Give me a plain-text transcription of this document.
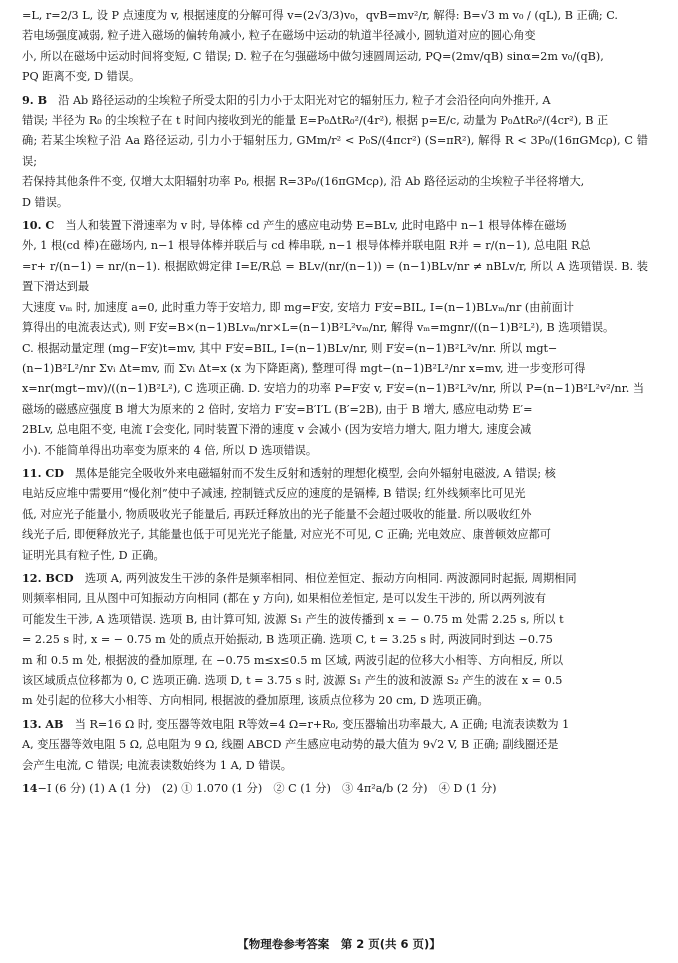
=L, r=2/3 L, 设 P 点速度为 v, 根据速度的分解可得 v=(2√3/3)v₀，qvB=mv²/r, 解得: B=√3 m v₀ / (qL), B 正确; C.

若电场强度减弱, 粒子进入磁场的偏转角减小, 粒子在磁场中运动的轨道半径减小, 圆轨道对应的圆心角变

小, 所以在磁场中运动时间将变短, C 错误; D. 粒子在匀强磁场中做匀速圆周运动, PQ=(2mv/qB) sinα=2m v₀/(qB),

PQ 距离不变, D 错误。

9. B　 沿 Ab 路径运动的尘埃粒子所受太阳的引力小于太阳光对它的辐射压力, 粒子才会沿径向向外推开, A

错误; 半径为 R₀ 的尘埃粒子在 t 时间内接收到光的能量 E=P₀ΔtR₀²/(4r²), 根据 p=E/c, 动量为 P₀ΔtR₀²/(4cr²), B 正

确; 若某尘埃粒子沿 Aa 路径运动, 引力小于辐射压力, GMm/r² < P₀S/(4πcr²) (S=πR²), 解得 R < 3P₀/(16πGMcρ), C 错误;

若保持其他条件不变, 仅增大太阳辐射功率 P₀, 根据 R=3P₀/(16πGMcρ), 沿 Ab 路径运动的尘埃粒子半径将增大,

D 错误。

10. C　 当人和装置下滑速率为 v 时, 导体棒 cd 产生的感应电动势 E=BLv, 此时电路中 n−1 根导体棒在磁场

外, 1 根(cd 棒)在磁场内, n−1 根导体棒并联后与 cd 棒串联, n−1 根导体棒并联电阻 R并 = r/(n−1), 总电阻 R总

=r+ r/(n−1) = nr/(n−1). 根据欧姆定律 I=E/R总 = BLv/(nr/(n−1)) = (n−1)BLv/nr ≠ nBLv/r, 所以 A 选项错误. B. 装置下滑达到最

大速度 vₘ 时, 加速度 a=0, 此时重力等于安培力, 即 mg=F安, 安培力 F安=BIL, I=(n−1)BLvₘ/nr (由前面计

算得出的电流表达式), 则 F安=B×(n−1)BLvₘ/nr×L=(n−1)B²L²vₘ/nr, 解得 vₘ=mgnr/((n−1)B²L²), B 选项错误。

C. 根据动量定理 (mg−F安)t=mv, 其中 F安=BIL, I=(n−1)BLv/nr, 则 F安=(n−1)B²L²v/nr. 所以 mgt−

(n−1)B²L²/nr Σvᵢ Δt=mv, 而 Σvᵢ Δt=x (x 为下降距离), 整理可得 mgt−(n−1)B²L²/nr x=mv, 进一步变形可得

x=nr(mgt−mv)/((n−1)B²L²), C 选项正确. D. 安培力的功率 P=F安 v, F安=(n−1)B²L²v/nr, 所以 P=(n−1)B²L²v²/nr. 当

磁场的磁感应强度 B 增大为原来的 2 倍时, 安培力 F′安=B′I′L (B′=2B), 由于 B 增大, 感应电动势 E′=

2BLv, 总电阻不变, 电流 I′会变化, 同时装置下滑的速度 v 会减小 (因为安培力增大, 阻力增大, 速度会减

小). 不能简单得出功率变为原来的 4 倍, 所以 D 选项错误。

11. CD　 黑体是能完全吸收外来电磁辐射而不发生反射和透射的理想化模型, 会向外辐射电磁波, A 错误; 核

电站反应堆中需要用“慢化剂”使中子减速, 控制链式反应的速度的是镉棒, B 错误; 红外线频率比可见光

低, 对应光子能量小, 物质吸收光子能量后, 再跃迁释放出的光子能量不会超过吸收的能量. 所以吸收红外

线光子后, 即便释放光子, 其能量也低于可见光光子能量, 对应光不可见, C 正确; 光电效应、康普顿效应都可

证明光具有粒子性, D 正确。

12. BCD　 选项 A, 两列波发生干涉的条件是频率相同、相位差恒定、振动方向相同. 两波源同时起振, 周期相同

则频率相同, 且从图中可知振动方向相同 (都在 y 方向), 如果相位差恒定, 是可以发生干涉的, 所以两列波有

可能发生干涉, A 选项错误. 选项 B, 由计算可知, 波源 S₁ 产生的波传播到 x = − 0.75 m 处需 2.25 s, 所以 t

= 2.25 s 时, x = − 0.75 m 处的质点开始振动, B 选项正确. 选项 C, t = 3.25 s 时, 两波同时到达 −0.75

m 和 0.5 m 处, 根据波的叠加原理, 在 −0.75 m≤x≤0.5 m 区域, 两波引起的位移大小相等、方向相反, 所以

该区域质点位移都为 0, C 选项正确. 选项 D, t = 3.75 s 时, 波源 S₁ 产生的波和波源 S₂ 产生的波在 x = 0.5

m 处引起的位移大小相等、方向相同, 根据波的叠加原理, 该质点位移为 20 cm, D 选项正确。

13. AB　 当 R=16 Ω 时, 变压器等效电阻 R等效=4 Ω=r+R₀, 变压器输出功率最大, A 正确; 电流表读数为 1

A, 变压器等效电阻 5 Ω, 总电阻为 9 Ω, 线圈 ABCD 产生感应电动势的最大值为 9√2 V, B 正确; 副线圈还是

会产生电流, C 错误; 电流表读数始终为 1 A, D 错误。

14−Ⅰ (6 分) (1) A (1 分)　(2) ① 1.070 (1 分)　② C (1 分)　③ 4π²a/b (2 分)　④ D (1 分)

【物理卷参考答案　第 2 页(共 6 页)】
